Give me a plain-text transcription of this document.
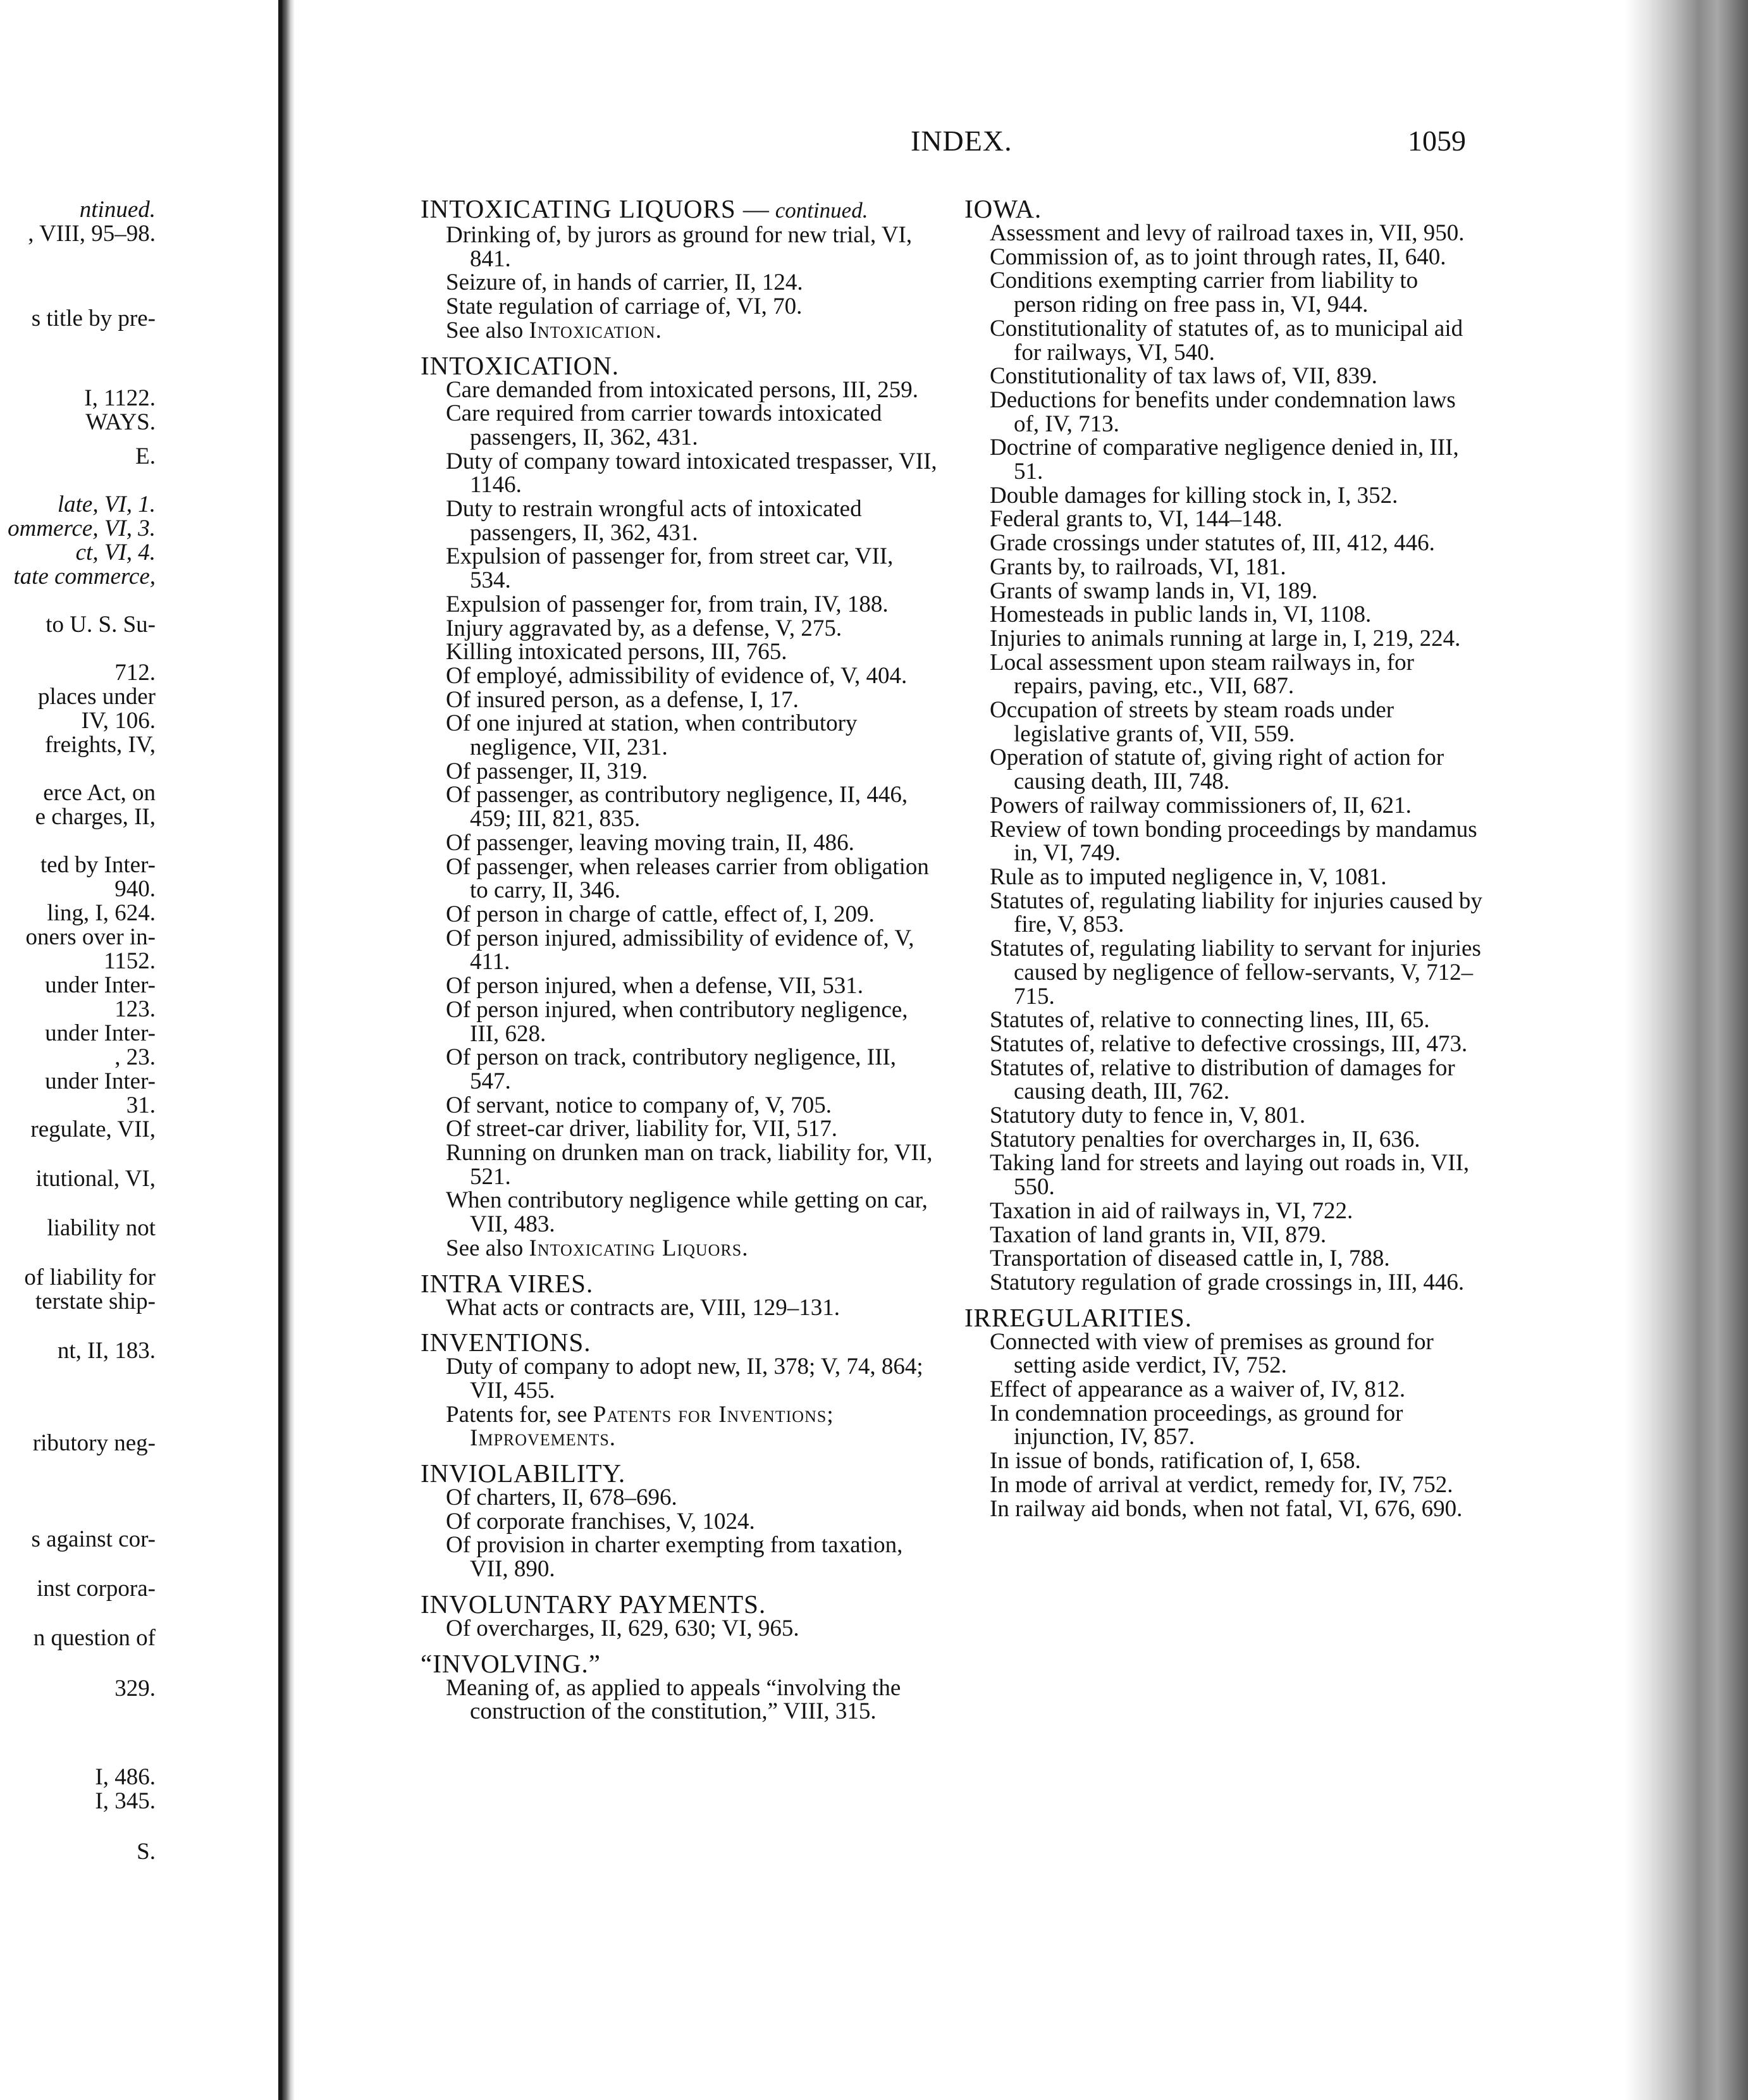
ntinued.
, VIII, 95–98.
s title by pre-
I, 1122.
WAYS.
E.
late, VI, 1.
ommerce, VI, 3.
ct, VI, 4.
tate commerce,
to U. S. Su-
712.
places under
IV, 106.
freights, IV,
erce Act, on
e charges, II,
ted by Inter-
940.
ling, I, 624.
oners over in-
1152.
under Inter-
123.
under Inter-
, 23.
under Inter-
31.
regulate, VII,
itutional, VI,
liability not
of liability for
terstate ship-
nt, II, 183.
ributory neg-
s against cor-
inst corpora-
n question of
329.
I, 486.
I, 345.
S.
INDEX.	1059
INTOXICATING LIQUORS — continued.
Drinking of, by jurors as ground for new trial, VI, 841.
Seizure of, in hands of carrier, II, 124.
State regulation of carriage of, VI, 70.
See also Intoxication.
INTOXICATION.
Care demanded from intoxicated persons, III, 259.
Care required from carrier towards intoxicated passengers, II, 362, 431.
Duty of company toward intoxicated trespasser, VII, 1146.
Duty to restrain wrongful acts of intoxicated passengers, II, 362, 431.
Expulsion of passenger for, from street car, VII, 534.
Expulsion of passenger for, from train, IV, 188.
Injury aggravated by, as a defense, V, 275.
Killing intoxicated persons, III, 765.
Of employé, admissibility of evidence of, V, 404.
Of insured person, as a defense, I, 17.
Of one injured at station, when contributory negligence, VII, 231.
Of passenger, II, 319.
Of passenger, as contributory negligence, II, 446, 459; III, 821, 835.
Of passenger, leaving moving train, II, 486.
Of passenger, when releases carrier from obligation to carry, II, 346.
Of person in charge of cattle, effect of, I, 209.
Of person injured, admissibility of evidence of, V, 411.
Of person injured, when a defense, VII, 531.
Of person injured, when contributory negligence, III, 628.
Of person on track, contributory negligence, III, 547.
Of servant, notice to company of, V, 705.
Of street-car driver, liability for, VII, 517.
Running on drunken man on track, liability for, VII, 521.
When contributory negligence while getting on car, VII, 483.
See also Intoxicating Liquors.
INTRA VIRES.
What acts or contracts are, VIII, 129–131.
INVENTIONS.
Duty of company to adopt new, II, 378; V, 74, 864; VII, 455.
Patents for, see Patents for Inventions; Improvements.
INVIOLABILITY.
Of charters, II, 678–696.
Of corporate franchises, V, 1024.
Of provision in charter exempting from taxation, VII, 890.
INVOLUNTARY PAYMENTS.
Of overcharges, II, 629, 630; VI, 965.
“INVOLVING.”
Meaning of, as applied to appeals “involving the construction of the constitution,” VIII, 315.
IOWA.
Assessment and levy of railroad taxes in, VII, 950.
Commission of, as to joint through rates, II, 640.
Conditions exempting carrier from liability to person riding on free pass in, VI, 944.
Constitutionality of statutes of, as to municipal aid for railways, VI, 540.
Constitutionality of tax laws of, VII, 839.
Deductions for benefits under condemnation laws of, IV, 713.
Doctrine of comparative negligence denied in, III, 51.
Double damages for killing stock in, I, 352.
Federal grants to, VI, 144–148.
Grade crossings under statutes of, III, 412, 446.
Grants by, to railroads, VI, 181.
Grants of swamp lands in, VI, 189.
Homesteads in public lands in, VI, 1108.
Injuries to animals running at large in, I, 219, 224.
Local assessment upon steam railways in, for repairs, paving, etc., VII, 687.
Occupation of streets by steam roads under legislative grants of, VII, 559.
Operation of statute of, giving right of action for causing death, III, 748.
Powers of railway commissioners of, II, 621.
Review of town bonding proceedings by mandamus in, VI, 749.
Rule as to imputed negligence in, V, 1081.
Statutes of, regulating liability for injuries caused by fire, V, 853.
Statutes of, regulating liability to servant for injuries caused by negligence of fellow-servants, V, 712–715.
Statutes of, relative to connecting lines, III, 65.
Statutes of, relative to defective crossings, III, 473.
Statutes of, relative to distribution of damages for causing death, III, 762.
Statutory duty to fence in, V, 801.
Statutory penalties for overcharges in, II, 636.
Taking land for streets and laying out roads in, VII, 550.
Taxation in aid of railways in, VI, 722.
Taxation of land grants in, VII, 879.
Transportation of diseased cattle in, I, 788.
Statutory regulation of grade crossings in, III, 446.
IRREGULARITIES.
Connected with view of premises as ground for setting aside verdict, IV, 752.
Effect of appearance as a waiver of, IV, 812.
In condemnation proceedings, as ground for injunction, IV, 857.
In issue of bonds, ratification of, I, 658.
In mode of arrival at verdict, remedy for, IV, 752.
In railway aid bonds, when not fatal, VI, 676, 690.
